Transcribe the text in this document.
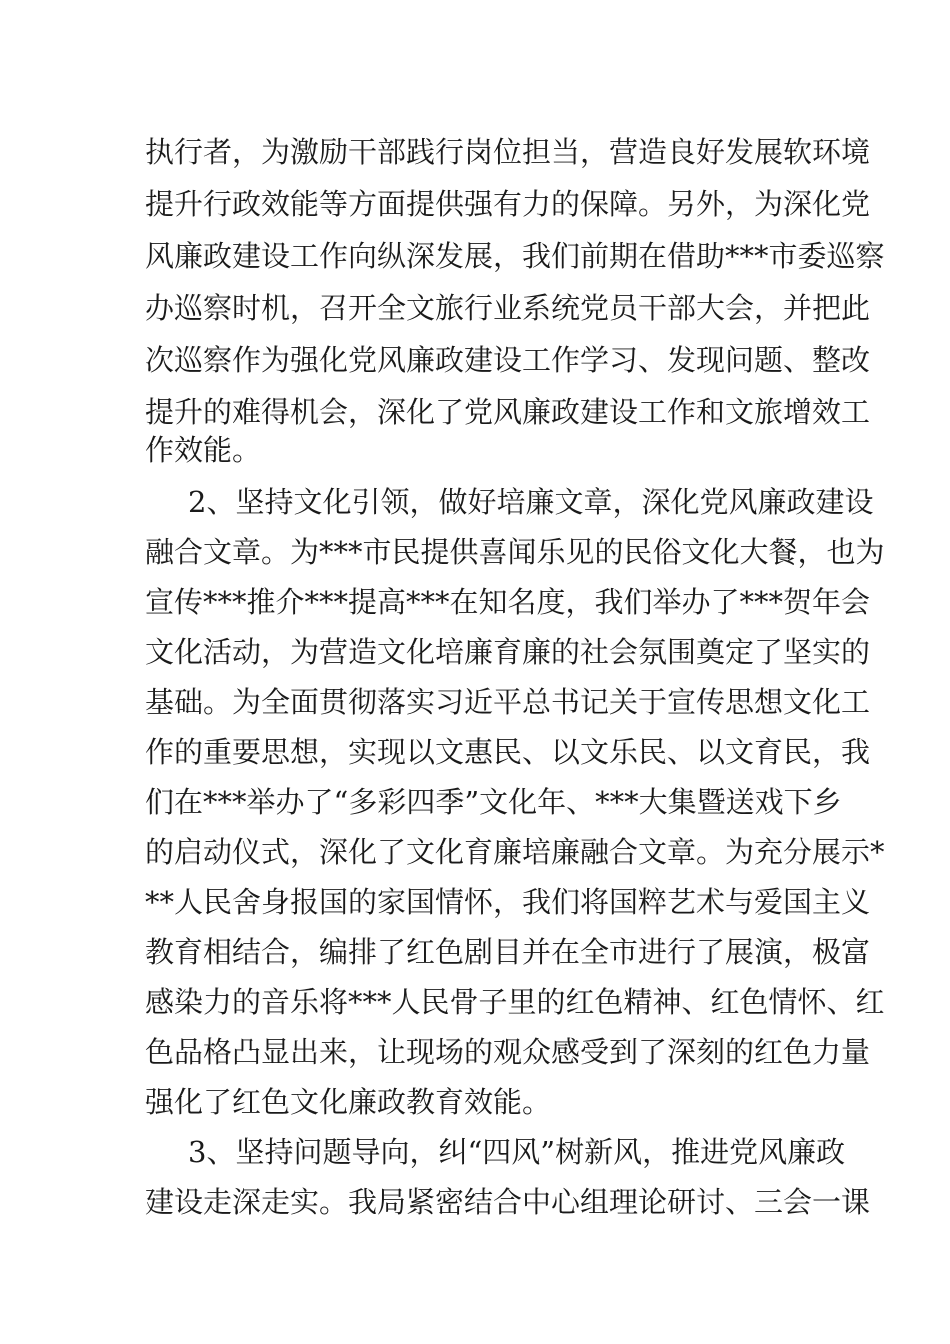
执行者，为激励干部践行岗位担当，营造良好发展软环境
提升行政效能等方面提供强有力的保障。另外，为深化党
风廉政建设工作向纵深发展，我们前期在借助***市委巡察
办巡察时机，召开全文旅行业系统党员干部大会，并把此
次巡察作为强化党风廉政建设工作学习、发现问题、整改
提升的难得机会，深化了党风廉政建设工作和文旅增效工
作效能。
2、坚持文化引领，做好培廉文章，深化党风廉政建设
融合文章。为***市民提供喜闻乐见的民俗文化大餐，也为
宣传***推介***提高***在知名度，我们举办了***贺年会
文化活动，为营造文化培廉育廉的社会氛围奠定了坚实的
基础。为全面贯彻落实习近平总书记关于宣传思想文化工
作的重要思想，实现以文惠民、以文乐民、以文育民，我
们在***举办了“多彩四季”文化年、***大集暨送戏下乡
的启动仪式，深化了文化育廉培廉融合文章。为充分展示*
**人民舍身报国的家国情怀，我们将国粹艺术与爱国主义
教育相结合，编排了红色剧目并在全市进行了展演，极富
感染力的音乐将***人民骨子里的红色精神、红色情怀、红
色品格凸显出来，让现场的观众感受到了深刻的红色力量
强化了红色文化廉政教育效能。
3、坚持问题导向，纠“四风”树新风，推进党风廉政
建设走深走实。我局紧密结合中心组理论研讨、三会一课
